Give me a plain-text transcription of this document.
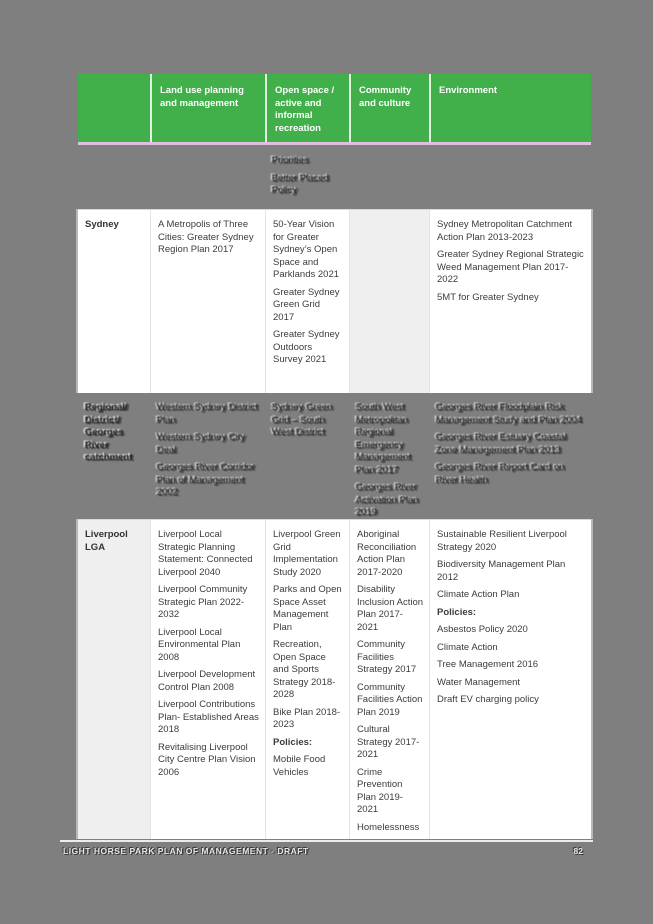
Land use planning and management
Open space / active and informal recreation
Community and culture
Environment

Priorities

Better Placed Policy

Sydney	A Metropolis of Three Cities: Greater Sydney Region Plan 2017

50-Year Vision for Greater Sydney’s Open Space and Parklands 2021

Greater Sydney Green Grid 2017

Greater Sydney Outdoors Survey 2021

Sydney Metropolitan Catchment Action Plan 2013-2023

Greater Sydney Regional Strategic Weed Management Plan 2017-2022

5MT for Greater Sydney

Regional/ District/ Georges River catchment

Western Sydney District Plan

Western Sydney City Deal

Georges River Corridor Plan of Management 2002

Sydney Green Grid – South West District

South West Metropolitan Regional Emergency Management Plan 2017

Georges River Activation Plan 2019

Georges River Floodplain Risk Management Study and Plan 2004

Georges River Estuary Coastal Zone Management Plan 2013

Georges River Report Card on River Health

Liverpool LGA

Liverpool Local Strategic Planning Statement: Connected Liverpool 2040

Liverpool Community Strategic Plan 2022-2032

Liverpool Local Environmental Plan 2008

Liverpool Development Control Plan 2008

Liverpool Contributions Plan- Established Areas 2018

Revitalising Liverpool City Centre Plan Vision 2006

Liverpool Green Grid Implementation Study 2020

Parks and Open Space Asset Management Plan

Recreation, Open Space and Sports Strategy 2018-2028

Bike Plan 2018-2023

Policies:

Mobile Food Vehicles

Aboriginal Reconciliation Action Plan 2017-2020

Disability Inclusion Action Plan 2017-2021

Community Facilities Strategy 2017

Community Facilities Action Plan 2019

Cultural Strategy 2017-2021

Crime Prevention Plan 2019-2021

Homelessness

Sustainable Resilient Liverpool Strategy 2020

Biodiversity Management Plan 2012

Climate Action Plan

Policies:

Asbestos Policy 2020

Climate Action

Tree Management 2016

Water Management

Draft EV charging policy

LIGHT HORSE PARK PLAN OF MANAGEMENT - DRAFT	82
